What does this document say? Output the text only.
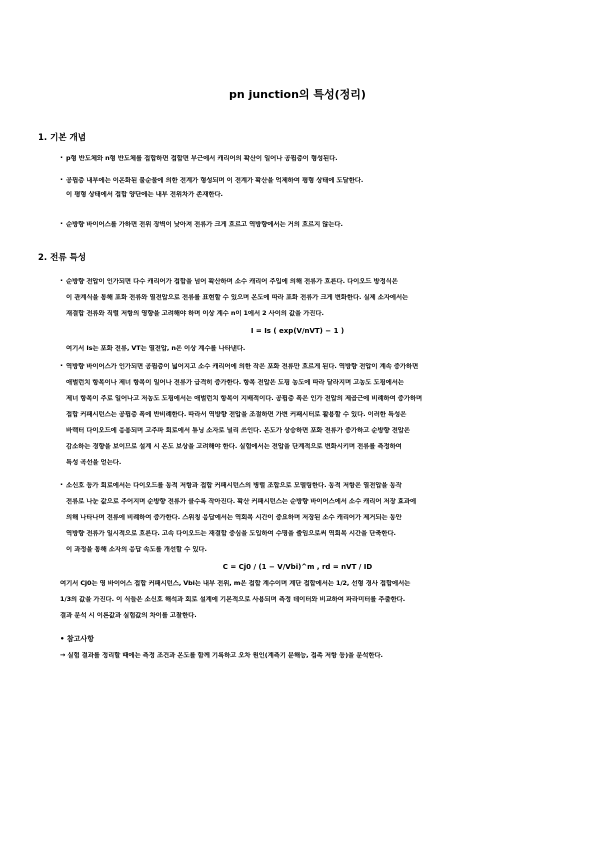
pn junction의 특성(정리)
1. 기본 개념
· p형 반도체와 n형 반도체를 접합하면 접합면 부근에서 캐리어의 확산이 일어나 공핍층이 형성된다.
· 공핍층 내부에는 이온화된 불순물에 의한 전계가 형성되며 이 전계가 확산을 억제하여 평형 상태에 도달한다.
이 평형 상태에서 접합 양단에는 내부 전위차가 존재한다.
· 순방향 바이어스를 가하면 전위 장벽이 낮아져 전류가 크게 흐르고 역방향에서는 거의 흐르지 않는다.
2. 전류 특성
· 순방향 전압이 인가되면 다수 캐리어가 접합을 넘어 확산하며 소수 캐리어 주입에 의해 전류가 흐른다. 다이오드 방정식은
이 관계식을 통해 포화 전류와 열전압으로 전류를 표현할 수 있으며 온도에 따라 포화 전류가 크게 변화한다. 실제 소자에서는
재결합 전류와 직렬 저항의 영향을 고려해야 하며 이상 계수 n이 1에서 2 사이의 값을 가진다.
I = Is ( exp(V/nVT) − 1 )
여기서 Is는 포화 전류, VT는 열전압, n은 이상 계수를 나타낸다.
· 역방향 바이어스가 인가되면 공핍층이 넓어지고 소수 캐리어에 의한 작은 포화 전류만 흐르게 된다. 역방향 전압이 계속 증가하면
애벌런치 항복이나 제너 항복이 일어나 전류가 급격히 증가한다. 항복 전압은 도핑 농도에 따라 달라지며 고농도 도핑에서는
제너 항복이 주로 일어나고 저농도 도핑에서는 애벌런치 항복이 지배적이다. 공핍층 폭은 인가 전압의 제곱근에 비례하여 증가하며
접합 커패시턴스는 공핍층 폭에 반비례한다. 따라서 역방향 전압을 조절하면 가변 커패시터로 활용할 수 있다. 이러한 특성은
바랙터 다이오드에 응용되며 고주파 회로에서 튜닝 소자로 널리 쓰인다. 온도가 상승하면 포화 전류가 증가하고 순방향 전압은
감소하는 경향을 보이므로 설계 시 온도 보상을 고려해야 한다. 실험에서는 전압을 단계적으로 변화시키며 전류를 측정하여
특성 곡선을 얻는다.
· 소신호 등가 회로에서는 다이오드를 동적 저항과 접합 커패시턴스의 병렬 조합으로 모델링한다. 동적 저항은 열전압을 동작
전류로 나눈 값으로 주어지며 순방향 전류가 클수록 작아진다. 확산 커패시턴스는 순방향 바이어스에서 소수 캐리어 저장 효과에
의해 나타나며 전류에 비례하여 증가한다. 스위칭 응답에서는 역회복 시간이 중요하며 저장된 소수 캐리어가 제거되는 동안
역방향 전류가 일시적으로 흐른다. 고속 다이오드는 재결합 중심을 도입하여 수명을 줄임으로써 역회복 시간을 단축한다.
이 과정을 통해 소자의 응답 속도를 개선할 수 있다.
C = Cj0 / (1 − V/Vbi)^m , rd = nVT / ID
여기서 Cj0는 영 바이어스 접합 커패시턴스, Vbi는 내부 전위, m은 접합 계수이며 계단 접합에서는 1/2, 선형 경사 접합에서는
1/3의 값을 가진다. 이 식들은 소신호 해석과 회로 설계에 기본적으로 사용되며 측정 데이터와 비교하여 파라미터를 추출한다.
결과 분석 시 이론값과 실험값의 차이를 고찰한다.
• 참고사항
→ 실험 결과를 정리할 때에는 측정 조건과 온도를 함께 기록하고 오차 원인(계측기 분해능, 접촉 저항 등)을 분석한다.
